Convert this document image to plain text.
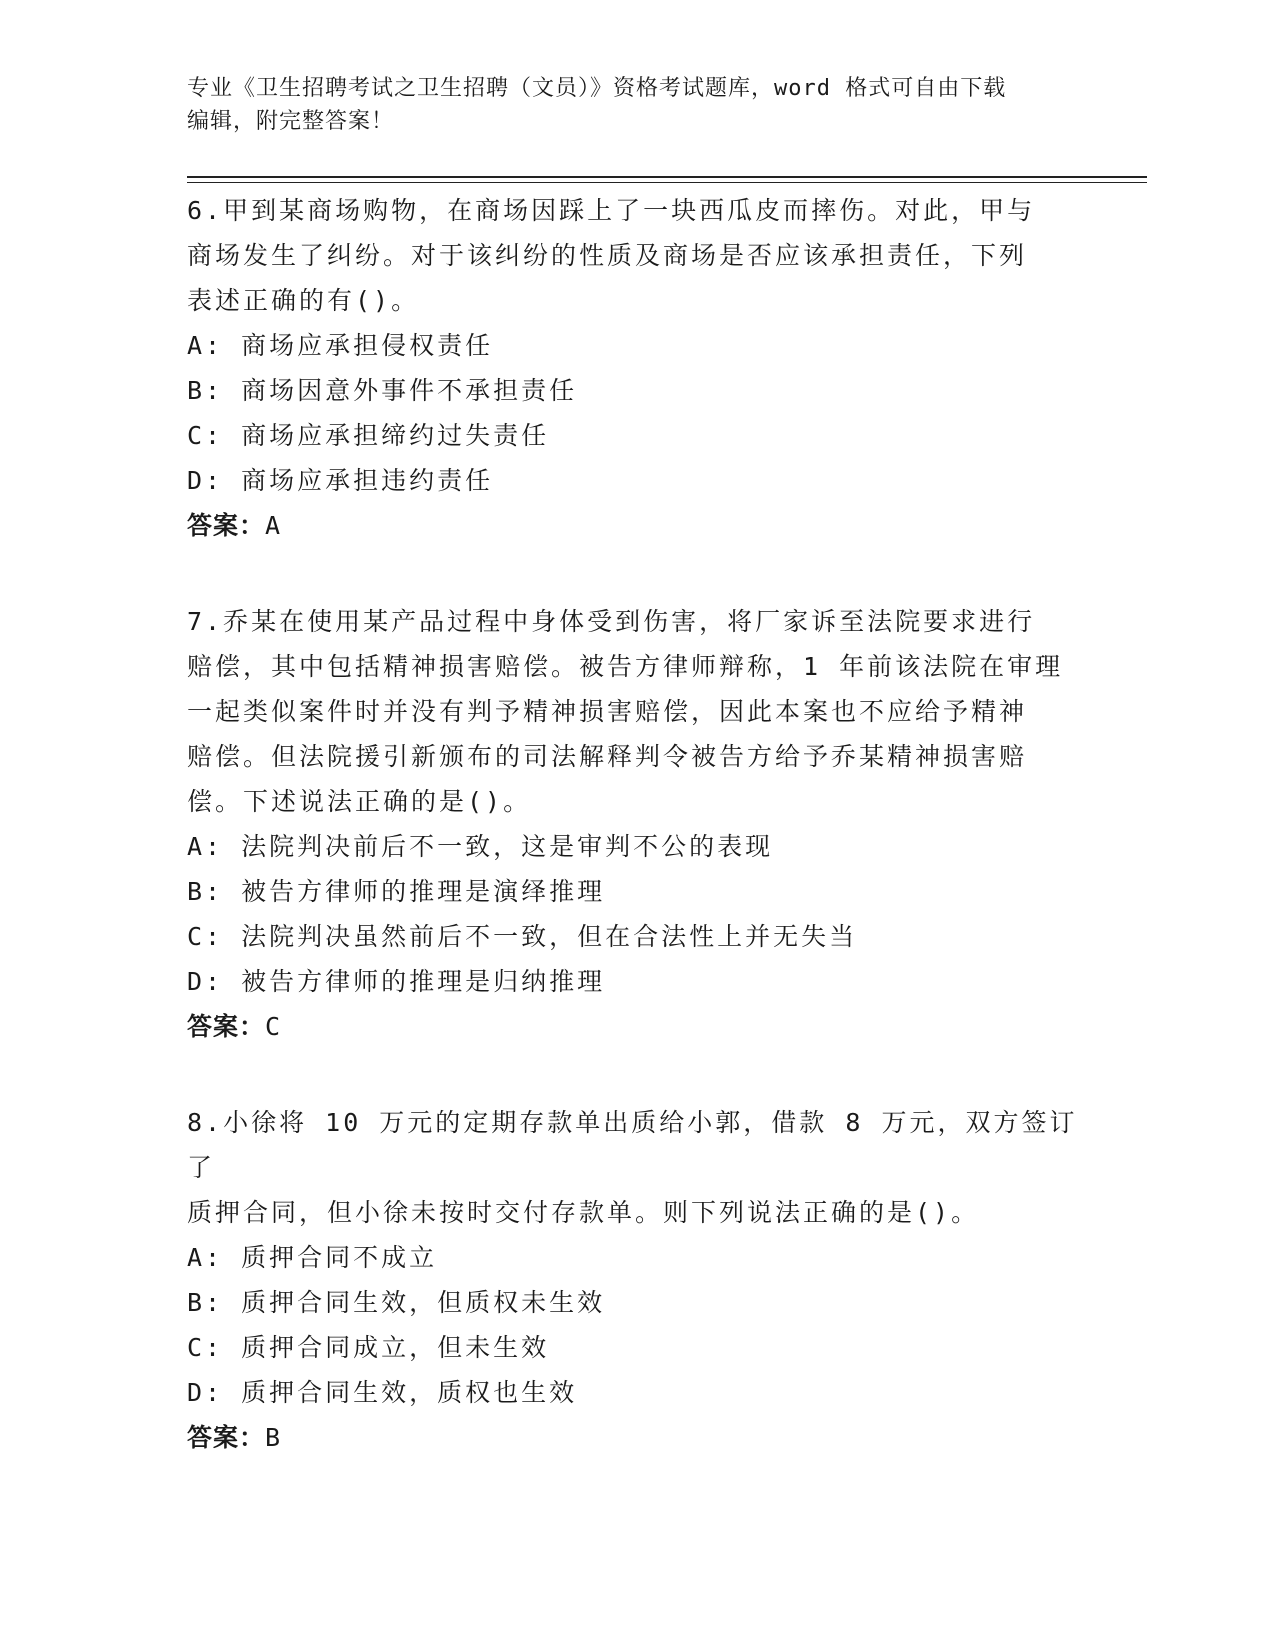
专业《卫生招聘考试之卫生招聘（文员）》资格考试题库，word 格式可自由下载
编辑，附完整答案！
6.甲到某商场购物，在商场因踩上了一块西瓜皮而摔伤。对此，甲与
商场发生了纠纷。对于该纠纷的性质及商场是否应该承担责任，下列
表述正确的有()。
A: 商场应承担侵权责任
B: 商场因意外事件不承担责任
C: 商场应承担缔约过失责任
D: 商场应承担违约责任
答案：A
7.乔某在使用某产品过程中身体受到伤害，将厂家诉至法院要求进行
赔偿，其中包括精神损害赔偿。被告方律师辩称，1 年前该法院在审理
一起类似案件时并没有判予精神损害赔偿，因此本案也不应给予精神
赔偿。但法院援引新颁布的司法解释判令被告方给予乔某精神损害赔
偿。下述说法正确的是()。
A: 法院判决前后不一致，这是审判不公的表现
B: 被告方律师的推理是演绎推理
C: 法院判决虽然前后不一致，但在合法性上并无失当
D: 被告方律师的推理是归纳推理
答案：C
8.小徐将 10 万元的定期存款单出质给小郭，借款 8 万元，双方签订了
质押合同，但小徐未按时交付存款单。则下列说法正确的是()。
A: 质押合同不成立
B: 质押合同生效，但质权未生效
C: 质押合同成立，但未生效
D: 质押合同生效，质权也生效
答案：B
